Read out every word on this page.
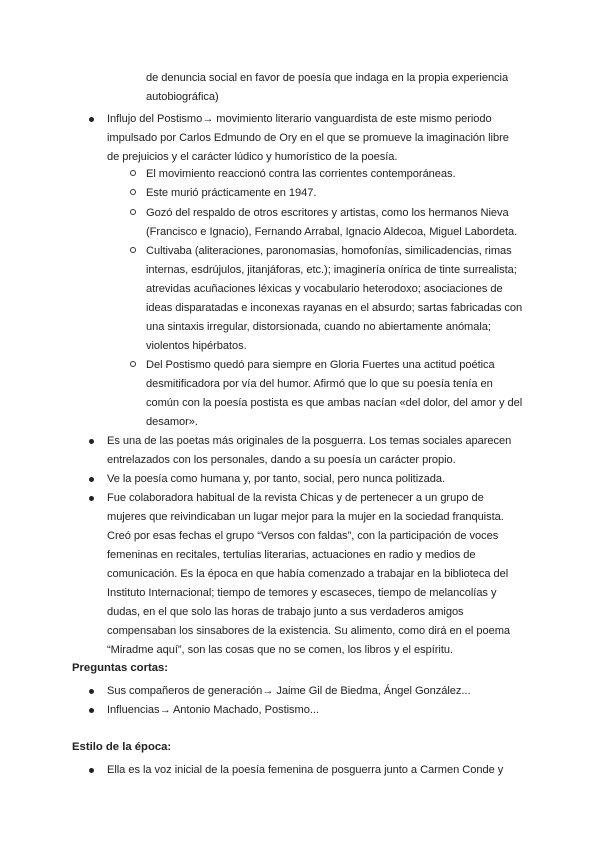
de denuncia social en favor de poesía que indaga en la propia experiencia
autobiográfica)
Influjo del Postismo→ movimiento literario vanguardista de este mismo periodo
impulsado por Carlos Edmundo de Ory en el que se promueve la imaginación libre
de prejuicios y el carácter lúdico y humorístico de la poesía.
El movimiento reaccionó contra las corrientes contemporáneas.
Este murió prácticamente en 1947.
Gozó del respaldo de otros escritores y artistas, como los hermanos Nieva
(Francisco e Ignacio), Fernando Arrabal, Ignacio Aldecoa, Miguel Labordeta.
Cultivaba (aliteraciones, paronomasias, homofonías, similicadencias, rimas
internas, esdrújulos, jitanjáforas, etc.); imaginería onírica de tinte surrealista;
atrevidas acuñaciones léxicas y vocabulario heterodoxo; asociaciones de
ideas disparatadas e inconexas rayanas en el absurdo; sartas fabricadas con
una sintaxis irregular, distorsionada, cuando no abiertamente anómala;
violentos hipérbatos.
Del Postismo quedó para siempre en Gloria Fuertes una actitud poética
desmitificadora por vía del humor. Afirmó que lo que su poesía tenía en
común con la poesía postista es que ambas nacían «del dolor, del amor y del
desamor».
Es una de las poetas más originales de la posguerra. Los temas sociales aparecen
entrelazados con los personales, dando a su poesía un carácter propio.
Ve la poesía como humana y, por tanto, social, pero nunca politizada.
Fue colaboradora habitual de la revista Chicas y de pertenecer a un grupo de
mujeres que reivindicaban un lugar mejor para la mujer en la sociedad franquista.
Creó por esas fechas el grupo “Versos con faldas”, con la participación de voces
femeninas en recitales, tertulias literarias, actuaciones en radio y medios de
comunicación. Es la época en que había comenzado a trabajar en la biblioteca del
Instituto Internacional; tiempo de temores y escaseces, tiempo de melancolías y
dudas, en el que solo las horas de trabajo junto a sus verdaderos amigos
compensaban los sinsabores de la existencia. Su alimento, como dirá en el poema
“Miradme aquí”, son las cosas que no se comen, los libros y el espíritu.
Preguntas cortas:
Sus compañeros de generación→ Jaime Gil de Biedma, Ángel González...
Influencias→ Antonio Machado, Postismo...
Estilo de la época:
Ella es la voz inicial de la poesía femenina de posguerra junto a Carmen Conde y
